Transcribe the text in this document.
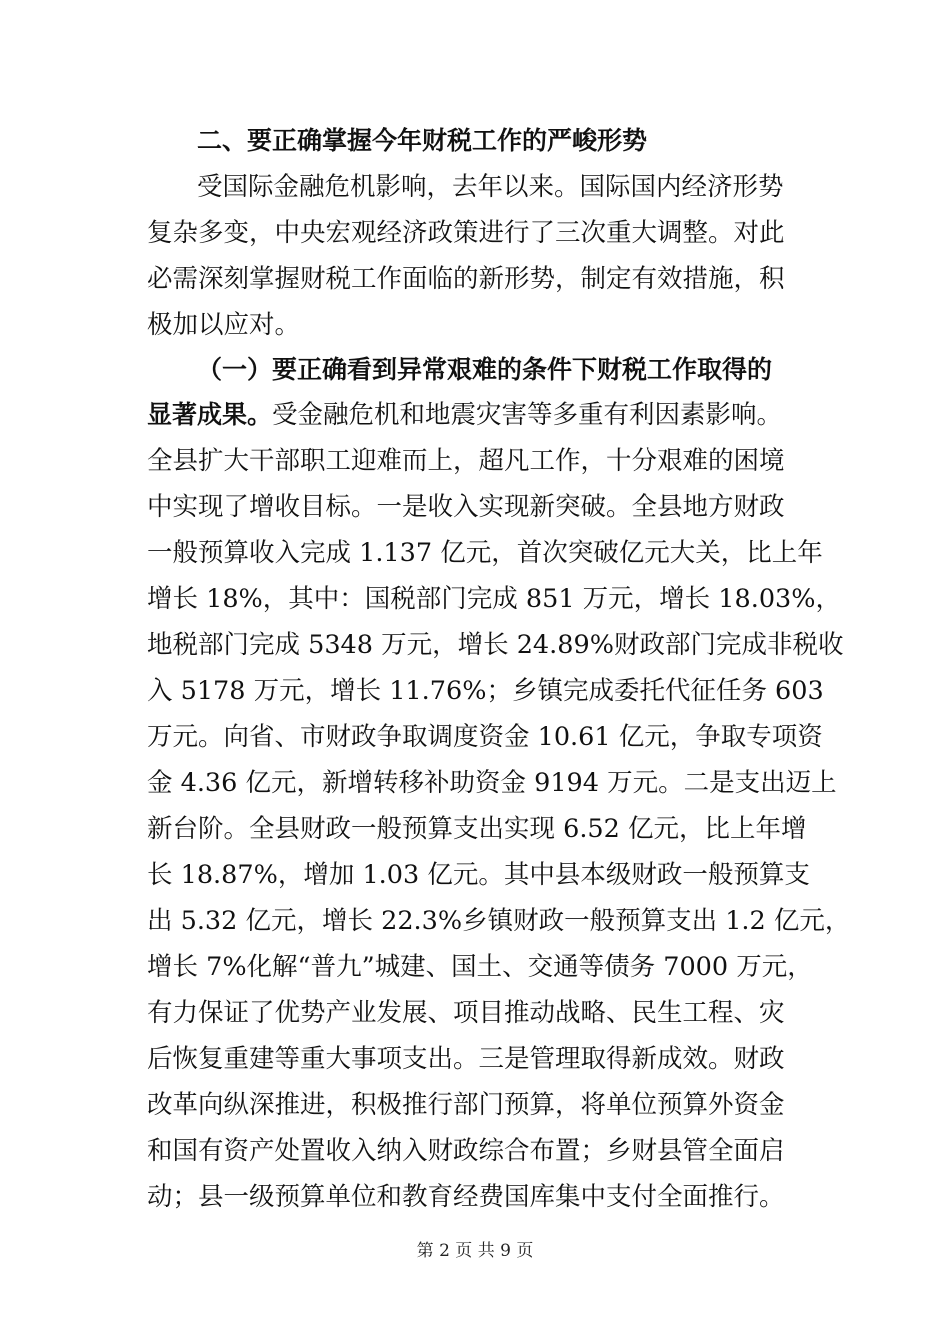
二、要正确掌握今年财税工作的严峻形势
受国际金融危机影响，去年以来。国际国内经济形势
复杂多变，中央宏观经济政策进行了三次重大调整。对此
必需深刻掌握财税工作面临的新形势，制定有效措施，积
极加以应对。
（一）要正确看到异常艰难的条件下财税工作取得的
显著成果。受金融危机和地震灾害等多重有利因素影响。
全县扩大干部职工迎难而上，超凡工作，十分艰难的困境
中实现了增收目标。一是收入实现新突破。全县地方财政
一般预算收入完成 1.137 亿元，首次突破亿元大关，比上年
增长 18%，其中：国税部门完成 851 万元，增长 18.03%，
地税部门完成 5348 万元，增长 24.89%财政部门完成非税收
入 5178 万元，增长 11.76%；乡镇完成委托代征任务 603
万元。向省、市财政争取调度资金 10.61 亿元，争取专项资
金 4.36 亿元，新增转移补助资金 9194 万元。二是支出迈上
新台阶。全县财政一般预算支出实现 6.52 亿元，比上年增
长 18.87%，增加 1.03 亿元。其中县本级财政一般预算支
出 5.32 亿元，增长 22.3%乡镇财政一般预算支出 1.2 亿元，
增长 7%化解“普九”城建、国土、交通等债务 7000 万元，
有力保证了优势产业发展、项目推动战略、民生工程、灾
后恢复重建等重大事项支出。三是管理取得新成效。财政
改革向纵深推进，积极推行部门预算，将单位预算外资金
和国有资产处置收入纳入财政综合布置；乡财县管全面启
动；县一级预算单位和教育经费国库集中支付全面推行。
第 2 页 共 9 页
